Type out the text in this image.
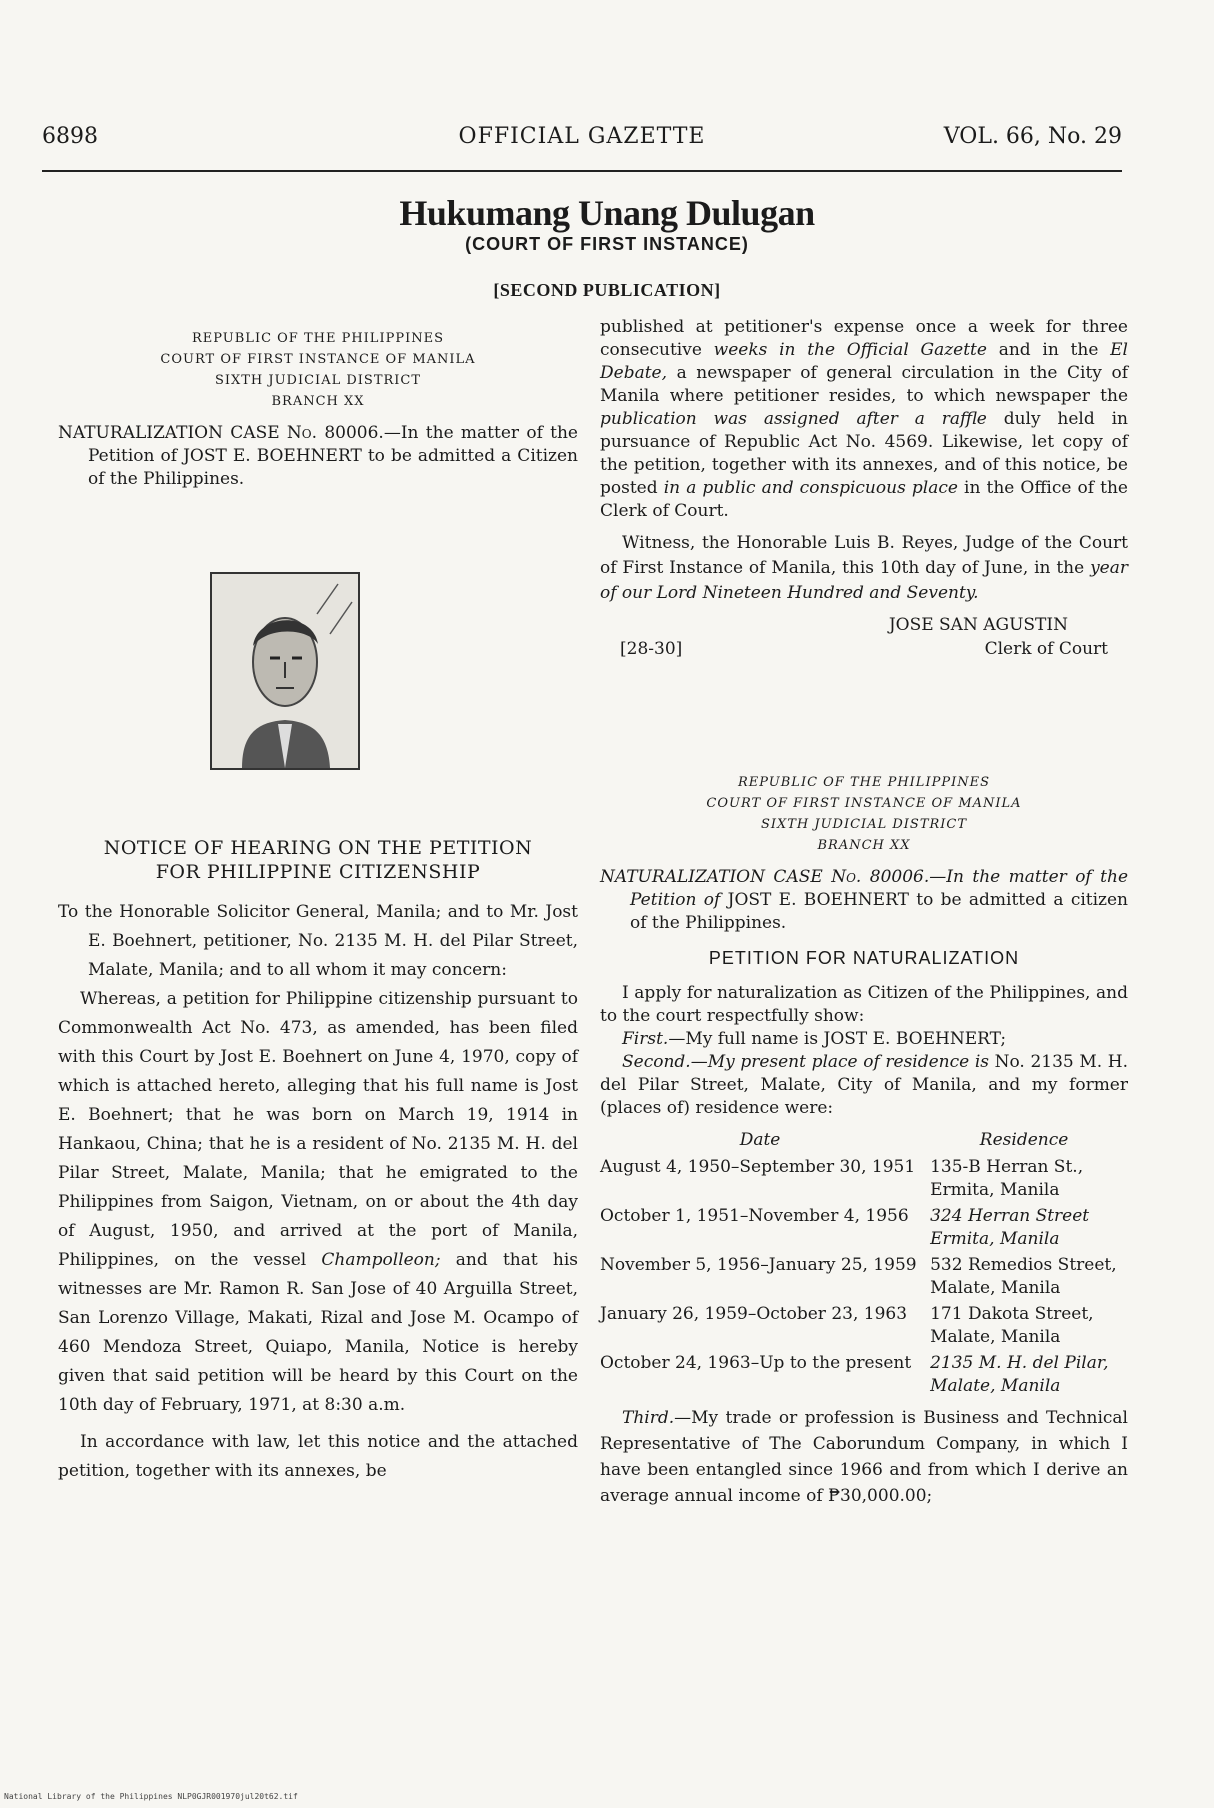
6898	OFFICIAL GAZETTE	VOL. 66, No. 29
Hukumang Unang Dulugan
(COURT OF FIRST INSTANCE)
[SECOND PUBLICATION]
REPUBLIC OF THE PHILIPPINES
COURT OF FIRST INSTANCE OF MANILA
SIXTH JUDICIAL DISTRICT
BRANCH XX

NATURALIZATION CASE No. 80006.—In the matter of the Petition of JOST E. BOEHNERT to be admitted a Citizen of the Philippines.

NOTICE OF HEARING ON THE PETITION
FOR PHILIPPINE CITIZENSHIP

To the Honorable Solicitor General, Manila; and to Mr. Jost E. Boehnert, petitioner, No. 2135 M. H. del Pilar Street, Malate, Manila; and to all whom it may concern:

Whereas, a petition for Philippine citizenship pursuant to Commonwealth Act No. 473, as amended, has been filed with this Court by Jost E. Boehnert on June 4, 1970, copy of which is attached hereto, alleging that his full name is Jost E. Boehnert; that he was born on March 19, 1914 in Hankaou, China; that he is a resident of No. 2135 M. H. del Pilar Street, Malate, Manila; that he emigrated to the Philippines from Saigon, Vietnam, on or about the 4th day of August, 1950, and arrived at the port of Manila, Philippines, on the vessel Champolleon; and that his witnesses are Mr. Ramon R. San Jose of 40 Arguilla Street, San Lorenzo Village, Makati, Rizal and Jose M. Ocampo of 460 Mendoza Street, Quiapo, Manila, Notice is hereby given that said petition will be heard by this Court on the 10th day of February, 1971, at 8:30 a.m.

In accordance with law, let this notice and the attached petition, together with its annexes, be

published at petitioner's expense once a week for three consecutive weeks in the Official Gazette and in the El Debate, a newspaper of general circulation in the City of Manila where petitioner resides, to which newspaper the publication was assigned after a raffle duly held in pursuance of Republic Act No. 4569. Likewise, let copy of the petition, together with its annexes, and of this notice, be posted in a public and conspicuous place in the Office of the Clerk of Court.

Witness, the Honorable Luis B. Reyes, Judge of the Court of First Instance of Manila, this 10th day of June, in the year of our Lord Nineteen Hundred and Seventy.

JOSE SAN AGUSTIN
[28-30]	Clerk of Court
REPUBLIC OF THE PHILIPPINES
COURT OF FIRST INSTANCE OF MANILA
SIXTH JUDICIAL DISTRICT
BRANCH XX

NATURALIZATION CASE No. 80006.—In the matter of the Petition of JOST E. BOEHNERT to be admitted a citizen of the Philippines.

PETITION FOR NATURALIZATION

I apply for naturalization as Citizen of the Philippines, and to the court respectfully show:

First.—My full name is JOST E. BOEHNERT;

Second.—My present place of residence is No. 2135 M. H. del Pilar Street, Malate, City of Manila, and my former (places of) residence were:

Date	Residence
August 4, 1950–September 30, 1951	135-B Herran St., Ermita, Manila
October 1, 1951–November 4, 1956	324 Herran Street Ermita, Manila
November 5, 1956–January 25, 1959	532 Remedios Street, Malate, Manila
January 26, 1959–October 23, 1963	171 Dakota Street, Malate, Manila
October 24, 1963–Up to the present	2135 M. H. del Pilar, Malate, Manila

Third.—My trade or profession is Business and Technical Representative of The Caborundum Company, in which I have been entangled since 1966 and from which I derive an average annual income of ₱30,000.00;

National Library of the Philippines NLP0GJR001970jul20t62.tif
